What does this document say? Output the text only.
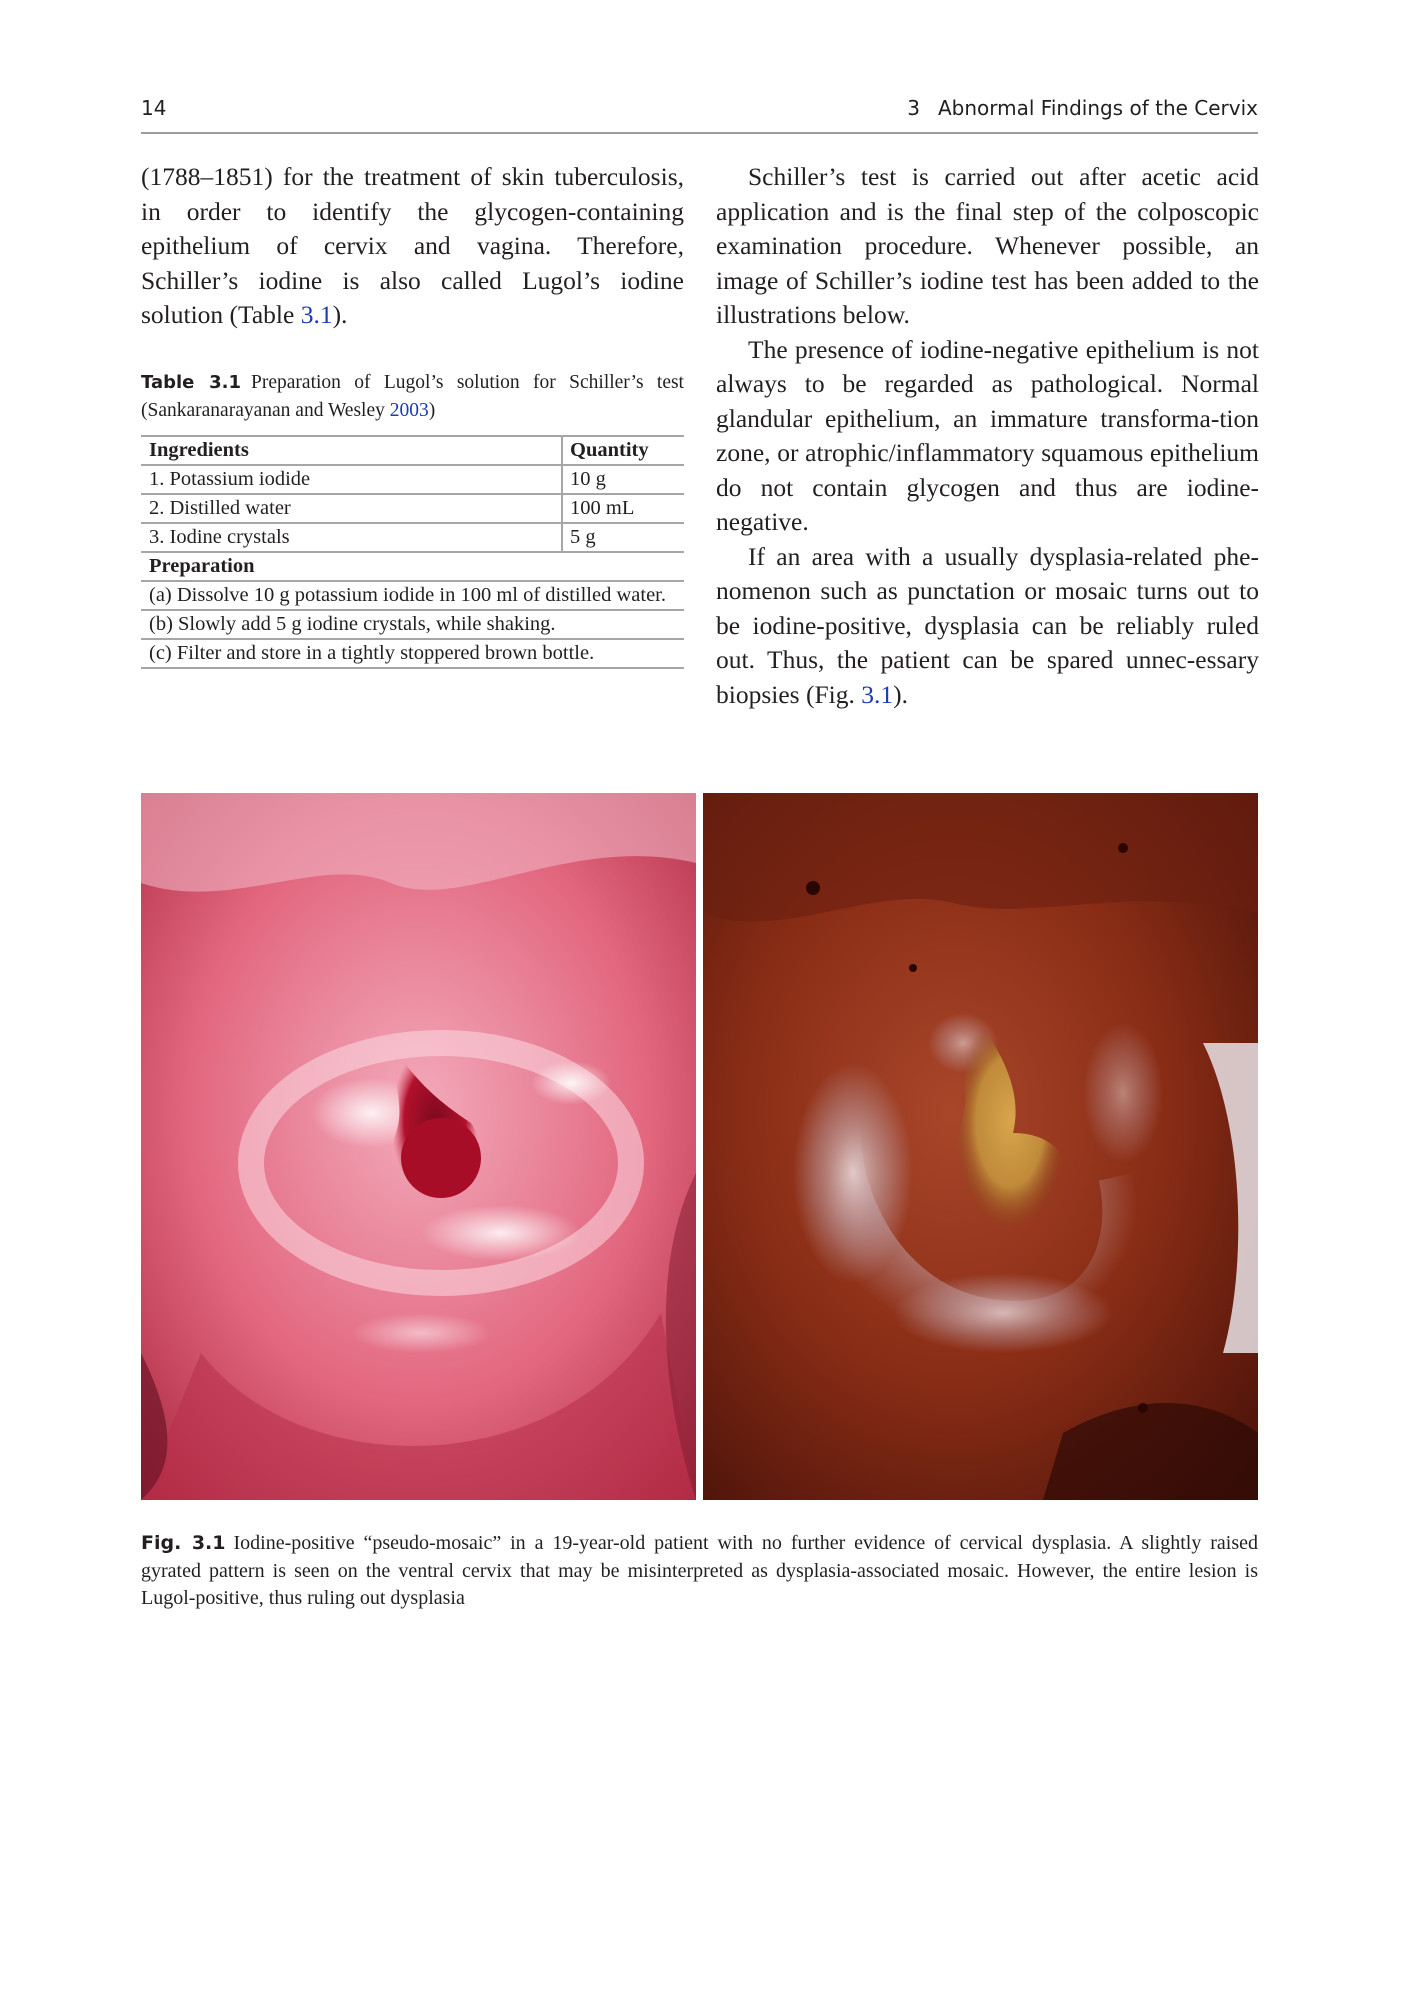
14	3 Abnormal Findings of the Cervix

(1788–1851) for the treatment of skin tuberculosis, in order to identify the glycogen-containing epithelium of cervix and vagina. Therefore, Schiller’s iodine is also called Lugol’s iodine solution (Table 3.1).

Table 3.1 Preparation of Lugol’s solution for Schiller’s test (Sankaranarayanan and Wesley 2003)
Ingredients	Quantity
1. Potassium iodide	10 g
2. Distilled water	100 mL
3. Iodine crystals	5 g
Preparation
(a) Dissolve 10 g potassium iodide in 100 ml of distilled water.
(b) Slowly add 5 g iodine crystals, while shaking.
(c) Filter and store in a tightly stoppered brown bottle.

Schiller’s test is carried out after acetic acid application and is the final step of the colposcopic examination procedure. Whenever possible, an image of Schiller’s iodine test has been added to the illustrations below.

The presence of iodine-negative epithelium is not always to be regarded as pathological. Normal glandular epithelium, an immature transforma-tion zone, or atrophic/inflammatory squamous epithelium do not contain glycogen and thus are iodine-negative.

If an area with a usually dysplasia-related phe-nomenon such as punctation or mosaic turns out to be iodine-positive, dysplasia can be reliably ruled out. Thus, the patient can be spared unnec-essary biopsies (Fig. 3.1).

Fig. 3.1 Iodine-positive “pseudo-mosaic” in a 19-year-old patient with no further evidence of cervical dysplasia. A slightly raised gyrated pattern is seen on the ventral cervix that may be misinterpreted as dysplasia-associated mosaic. However, the entire lesion is Lugol-positive, thus ruling out dysplasia
